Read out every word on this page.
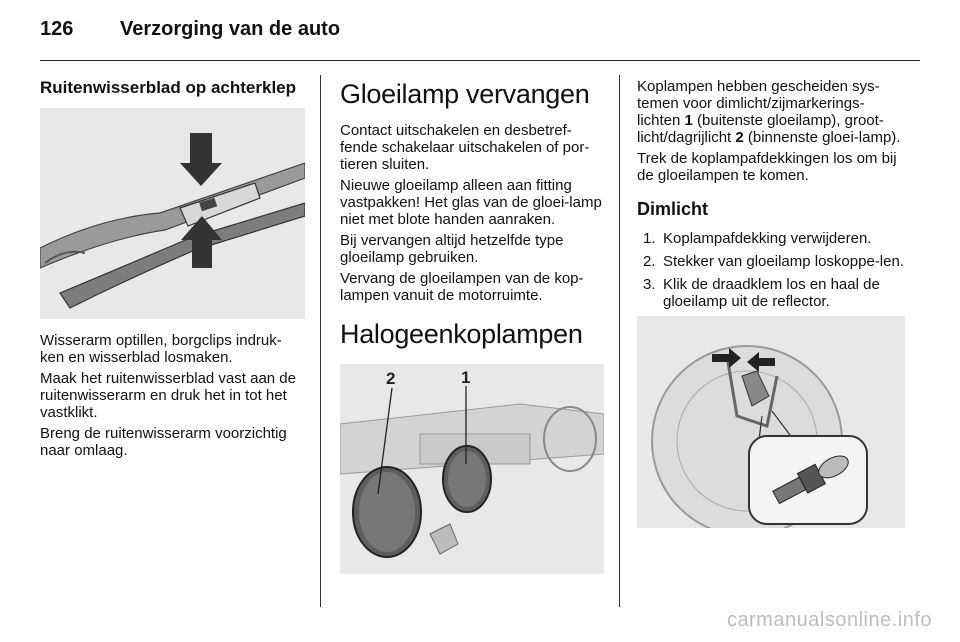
126 Verzorging van de auto
Ruitenwisserblad op achterklep

Wisserarm optillen, borgclips indruk-ken en wisserblad losmaken.

Maak het ruitenwisserblad vast aan de ruitenwisserarm en druk het in tot het vastklikt.

Breng de ruitenwisserarm voorzichtig naar omlaag.

Gloeilamp vervangen

Contact uitschakelen en desbetref-fende schakelaar uitschakelen of por-tieren sluiten.

Nieuwe gloeilamp alleen aan fitting vastpakken! Het glas van de gloei-lamp niet met blote handen aanraken.

Bij vervangen altijd hetzelfde type gloeilamp gebruiken.

Vervang de gloeilampen van de kop-lampen vanuit de motorruimte.

Halogeenkoplampen
2	1

Koplampen hebben gescheiden sys-temen voor dimlicht/zijmarkerings-lichten 1 (buitenste gloeilamp), groot-licht/dagrijlicht 2 (binnenste gloei-lamp).

Trek de koplampafdekkingen los om bij de gloeilampen te komen.

Dimlicht
1. Koplampafdekking verwijderen.
2. Stekker van gloeilamp loskoppe-len.
3. Klik de draadklem los en haal de gloeilamp uit de reflector.
carmanualsonline.info
